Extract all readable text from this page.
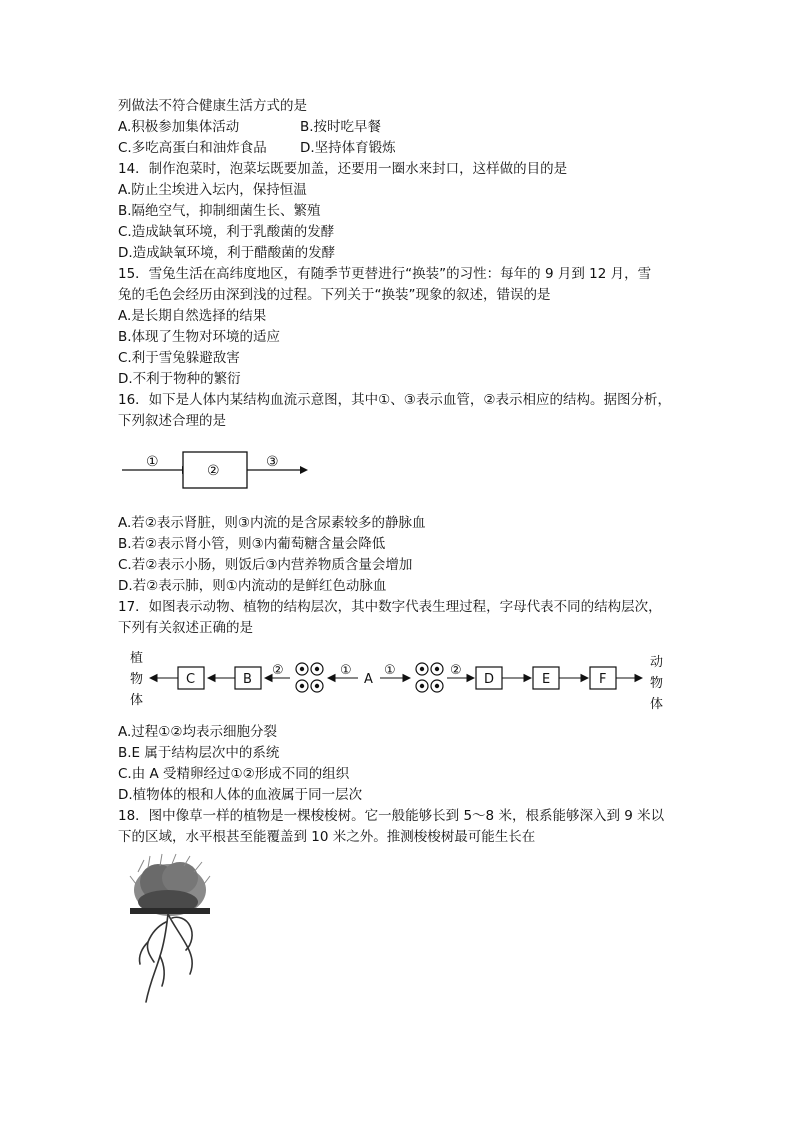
列做法不符合健康生活方式的是
A.积极参加集体活动	B.按时吃早餐
C.多吃高蛋白和油炸食品 D.坚持体育锻炼
14．制作泡菜时，泡菜坛既要加盖，还要用一圈水来封口，这样做的目的是
A.防止尘埃进入坛内，保持恒温
B.隔绝空气，抑制细菌生长、繁殖
C.造成缺氧环境，利于乳酸菌的发酵
D.造成缺氧环境，利于醋酸菌的发酵
15．雪兔生活在高纬度地区，有随季节更替进行“换装”的习性：每年的 9 月到 12 月，雪
兔的毛色会经历由深到浅的过程。下列关于“换装”现象的叙述，错误的是
A.是长期自然选择的结果
B.体现了生物对环境的适应
C.利于雪兔躲避敌害
D.不利于物种的繁衍
16．如下是人体内某结构血流示意图，其中①、③表示血管，②表示相应的结构。据图分析，
下列叙述合理的是
①
②
③
A.若②表示肾脏，则③内流的是含尿素较多的静脉血
B.若②表示肾小管，则③内葡萄糖含量会降低
C.若②表示小肠，则饭后③内营养物质含量会增加
D.若②表示肺，则①内流动的是鲜红色动脉血
17．如图表示动物、植物的结构层次，其中数字代表生理过程，字母代表不同的结构层次，
下列有关叙述正确的是
植
物
体
C	B
②	①
A
①	②
D	E	F
动
物
体
A.过程①②均表示细胞分裂
B.E 属于结构层次中的系统
C.由 A 受精卵经过①②形成不同的组织
D.植物体的根和人体的血液属于同一层次
18．图中像草一样的植物是一棵梭梭树。它一般能够长到 5～8 米，根系能够深入到 9 米以
下的区域，水平根甚至能覆盖到 10 米之外。推测梭梭树最可能生长在
